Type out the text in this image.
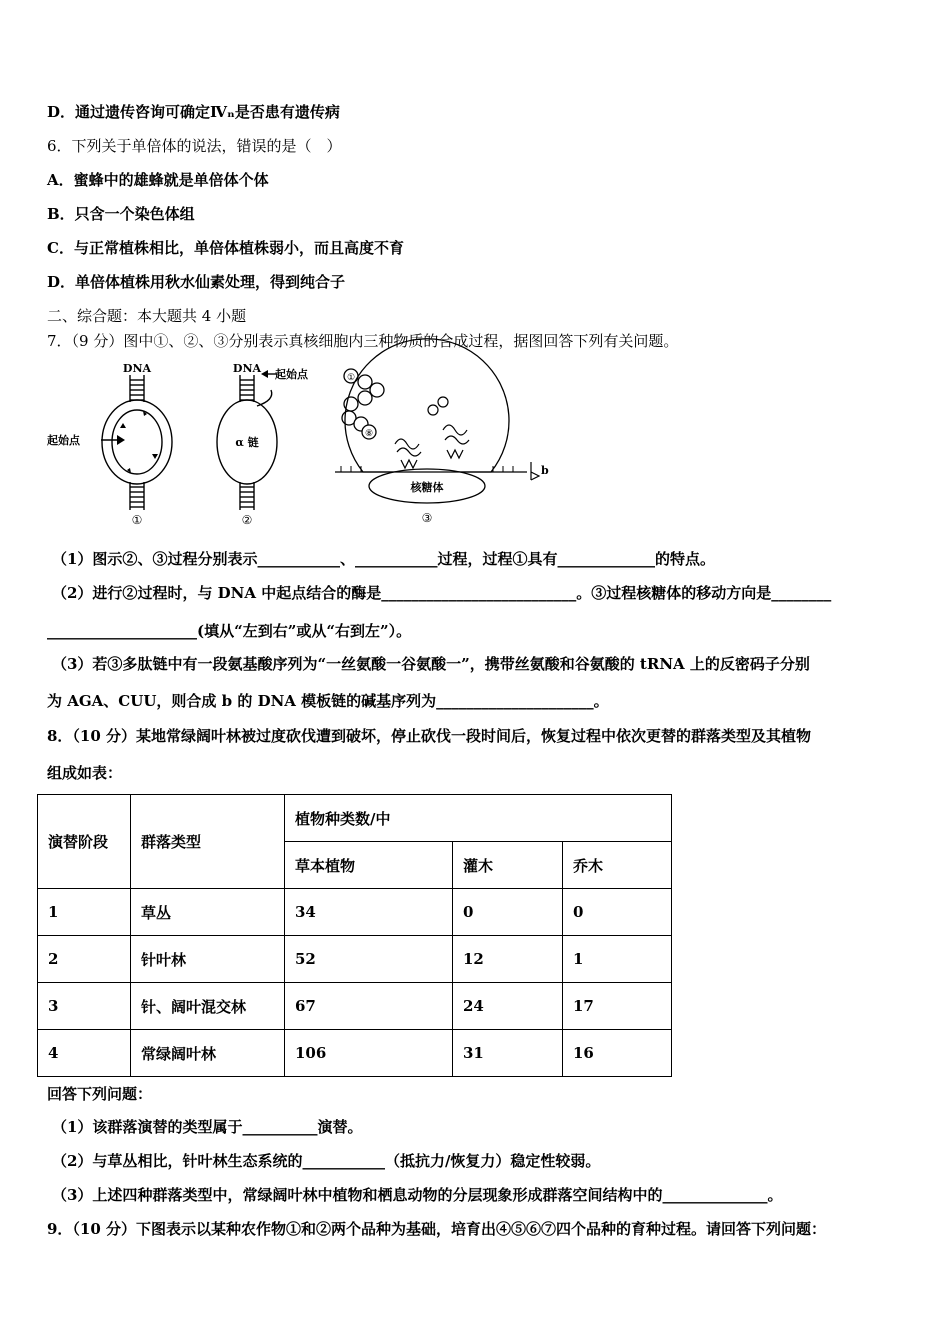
D．通过遗传咨询可确定Ⅳₙ是否患有遗传病
6．下列关于单倍体的说法，错误的是（　）
A．蜜蜂中的雄蜂就是单倍体个体
B．只含一个染色体组
C．与正常植株相比，单倍体植株弱小，而且高度不育
D．单倍体植株用秋水仙素处理，得到纯合子
二、综合题：本大题共 4 小题
7．（9 分）图中①、②、③分别表示真核细胞内三种物质的合成过程，据图回答下列有关问题。
DNA
起始点
①
DNA 起始点
α 链
②
①
⑧
核糖体
b
③
（1）图示②、③过程分别表示___________、___________过程，过程①具有_____________的特点。
（2）进行②过程时，与 DNA 中起点结合的酶是__________________________。③过程核糖体的移动方向是________
____________________(填从“左到右”或从“右到左”）。
（3）若③多肽链中有一段氨基酸序列为“一丝氨酸一谷氨酸一”，携带丝氨酸和谷氨酸的 tRNA 上的反密码子分别
为 AGA、CUU，则合成 b 的 DNA 模板链的碱基序列为_____________________。
8．（10 分）某地常绿阔叶林被过度砍伐遭到破坏，停止砍伐一段时间后，恢复过程中依次更替的群落类型及其植物
组成如表：
演替阶段	群落类型	植物种类数/中		
		草本植物	灌木	乔木
1	草丛	34	0	0
2	针叶林	52	12	1
3	针、阔叶混交林	67	24	17
4	常绿阔叶林	106	31	16
回答下列问题：
（1）该群落演替的类型属于__________演替。
（2）与草丛相比，针叶林生态系统的___________（抵抗力/恢复力）稳定性较弱。
（3）上述四种群落类型中，常绿阔叶林中植物和栖息动物的分层现象形成群落空间结构中的______________。
9．（10 分）下图表示以某种农作物①和②两个品种为基础，培育出④⑤⑥⑦四个品种的育种过程。请回答下列问题：
